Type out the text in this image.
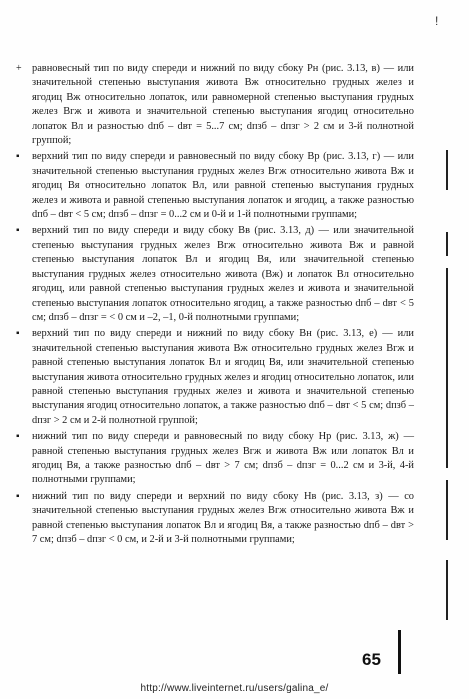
!
+ равновесный тип по виду спереди и нижний по виду сбоку Рн (рис. 3.13, в) — или значительной степенью выступания живота Вж относительно грудных желез и ягодиц Вж относительно лопаток, или равномерной степенью выступания грудных желез Вгж и живота и значительной степенью выступания ягодиц относительно лопаток Вл и разностью dпб – dвт = 5...7 см; dпзб – dпзг > 2 см и 3-й полнотной группой;
▪ верхний тип по виду спереди и равновесный по виду сбоку Вр (рис. 3.13, г) — или значительной степенью выступания грудных желез Вгж относительно живота Вж и ягодиц Вя относительно лопаток Вл, или равной степенью выступания грудных желез и живота и равной степенью выступания лопаток и ягодиц, а также разностью dпб – dвт < 5 см; dпзб – dпзг = 0...2 см и 0-й и 1-й полнотными группами;
▪ верхний тип по виду спереди и виду сбоку Вв (рис. 3.13, д) — или значительной степенью выступания грудных желез Вгж относительно живота Вж и равной степенью выступания лопаток Вл и ягодиц Вя, или значительной степенью выступания грудных желез относительно живота (Вж) и лопаток Вл относительно ягодиц, или равной степенью выступания грудных желез и живота и значительной степенью выступания лопаток относительно ягодиц, а также разностью dпб – dвт < 5 см; dпзб – dпзг = < 0 см и –2, –1, 0-й полнотными группами;
▪ верхний тип по виду спереди и нижний по виду сбоку Вн (рис. 3.13, е) — или значительной степенью выступания живота Вж относительно грудных желез Вгж и равной степенью выступания лопаток Вл и ягодиц Вя, или значительной степенью выступания живота относительно грудных желез и ягодиц относительно лопаток, или равной степенью выступания грудных желез и живота и значительной степенью выступания ягодиц относительно лопаток, а также разностью dпб – dвт < 5 см; dпзб – dпзг > 2 см и 2-й полнотной группой;
▪ нижний тип по виду спереди и равновесный по виду сбоку Нр (рис. 3.13, ж) — равной степенью выступания грудных желез Вгж и живота Вж или лопаток Вл и ягодиц Вя, а также разностью dпб – dвт > 7 см; dпзб – dпзг = 0...2 см и 3-й, 4-й полнотными группами;
▪ нижний тип по виду спереди и верхний по виду сбоку Нв (рис. 3.13, з) — со значительной степенью выступания грудных желез Вгж относительно живота Вж и равной степенью выступания лопаток Вл и ягодиц Вя, а также разностью dпб – dвт > 7 см; dпзб – dпзг < 0 см, и 2-й и 3-й полнотными группами;
65
http://www.liveinternet.ru/users/galina_e/
